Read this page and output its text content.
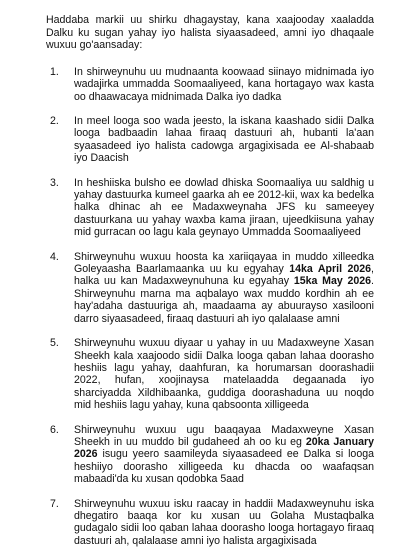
Haddaba markii uu shirku dhagaystay, kana xaajooday xaaladda Dalku ku sugan yahay iyo halista siyaasadeed, amni iyo dhaqaale wuxuu go'aansaday:

1. In shirweynuhu uu mudnaanta koowaad siinayo midnimada iyo wadajirka ummadda Soomaaliyeed, kana hortagayo wax kasta oo dhaawacaya midnimada Dalka iyo dadka
2. In meel looga soo wada jeesto, la iskana kaashado sidii Dalka looga badbaadin lahaa firaaq dastuuri ah, hubanti la'aan syaasadeed iyo halista cadowga argagixisada ee Al-shabaab iyo Daacish
3. In heshiiska bulsho ee dowlad dhiska Soomaaliya uu saldhig u yahay dastuurka kumeel gaarka ah ee 2012-kii, wax ka bedelka halka dhinac ah ee Madaxweynaha JFS ku sameeyey dastuurkana uu yahay waxba kama jiraan, ujeedkiisuna yahay mid gurracan oo lagu kala geynayo Ummadda Soomaaliyeed
4. Shirweynuhu wuxuu hoosta ka xariiqayaa in muddo xilleedka Goleyaasha Baarlamaanka uu ku egyahay 14ka April 2026, halka uu kan Madaxweynuhuna ku egyahay 15ka May 2026. Shirweynuhu marna ma aqbalayo wax muddo kordhin ah ee hay'adaha dastuuriga ah, maadaama ay abuurayso xasilooni darro siyaasadeed, firaaq dastuuri ah iyo qalalaase amni
5. Shirweynuhu wuxuu diyaar u yahay in uu Madaxweyne Xasan Sheekh kala xaajoodo sidii Dalka looga qaban lahaa doorasho heshiis lagu yahay, daahfuran, ka horumarsan doorashadii 2022, hufan, xoojinaysa matelaadda degaanada iyo sharciyadda Xildhibaanka, guddiga doorashaduna uu noqdo mid heshiis lagu yahay, kuna qabsoonta xilligeeda
6. Shirweynuhu wuxuu ugu baaqayaa Madaxweyne Xasan Sheekh in uu muddo bil gudaheed ah oo ku eg 20ka January 2026 isugu yeero saamileyda siyaasadeed ee Dalka si looga heshiiyo doorasho xilligeeda ku dhacda oo waafaqsan mabaadi'da ku xusan qodobka 5aad
7. Shirweynuhu wuxuu isku raacay in haddii Madaxweynuhu iska dhegatiro baaqa kor ku xusan uu Golaha Mustaqbalka gudagalo sidii loo qaban lahaa doorasho looga hortagayo firaaq dastuuri ah, qalalaase amni iyo halista argagixisada
